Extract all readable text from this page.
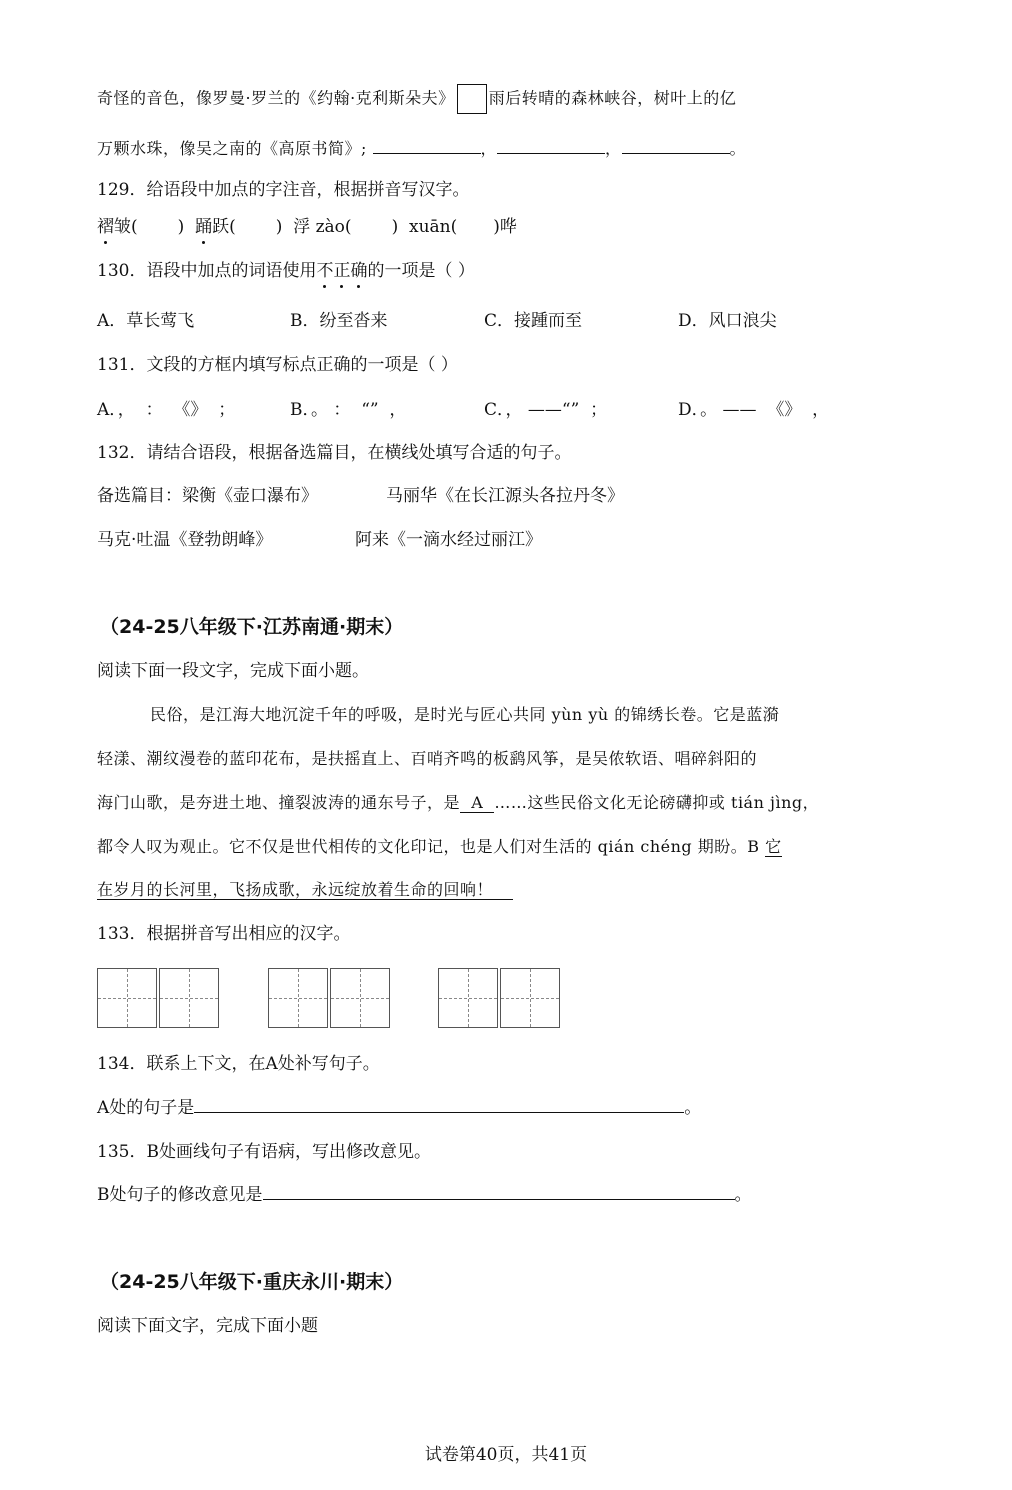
奇怪的音色，像罗曼·罗兰的《约翰·克利斯朵夫》 雨后转晴的森林峡谷，树叶上的亿
万颗水珠，像吴之南的《高原书简》;	，	，	。
129．给语段中加点的字注音，根据拼音写汉字。
褶皱( ) 踊跃( ) 浮 zào( ) xuān( )哗
130．语段中加点的词语使用不正确的一项是（ ）
A．草长莺飞	B．纷至沓来	C．接踵而至	D．风口浪尖
131．文段的方框内填写标点正确的一项是（ ）
A．，  ：  《》  ；	B．。 ：  “”  ，	C．， ——“”  ；	D．。 ——  《》  ，
132．请结合语段，根据备选篇目，在横线处填写合适的句子。
备选篇目：梁衡《壶口瀑布》	马丽华《在长江源头各拉丹冬》
马克·吐温《登勃朗峰》	阿来《一滴水经过丽江》
（24-25八年级下·江苏南通·期末）
阅读下面一段文字，完成下面小题。
民俗，是江海大地沉淀千年的呼吸，是时光与匠心共同 yùn yù 的锦绣长卷。它是蓝漪
轻漾、潮纹漫卷的蓝印花布，是扶摇直上、百哨齐鸣的板鹞风筝，是吴侬软语、唱碎斜阳的
海门山歌，是夯进土地、撞裂波涛的通东号子，是  A  ……这些民俗文化无论磅礴抑或 tián jìng，
都令人叹为观止。它不仅是世代相传的文化印记，也是人们对生活的 qián chéng 期盼。B 它
在岁月的长河里，飞扬成歌，永远绽放着生命的回响！
133．根据拼音写出相应的汉字。
134．联系上下文，在A处补写句子。
A处的句子是	。
135．B处画线句子有语病，写出修改意见。
B处句子的修改意见是	。
（24-25八年级下·重庆永川·期末）
阅读下面文字，完成下面小题
试卷第40页，共41页
